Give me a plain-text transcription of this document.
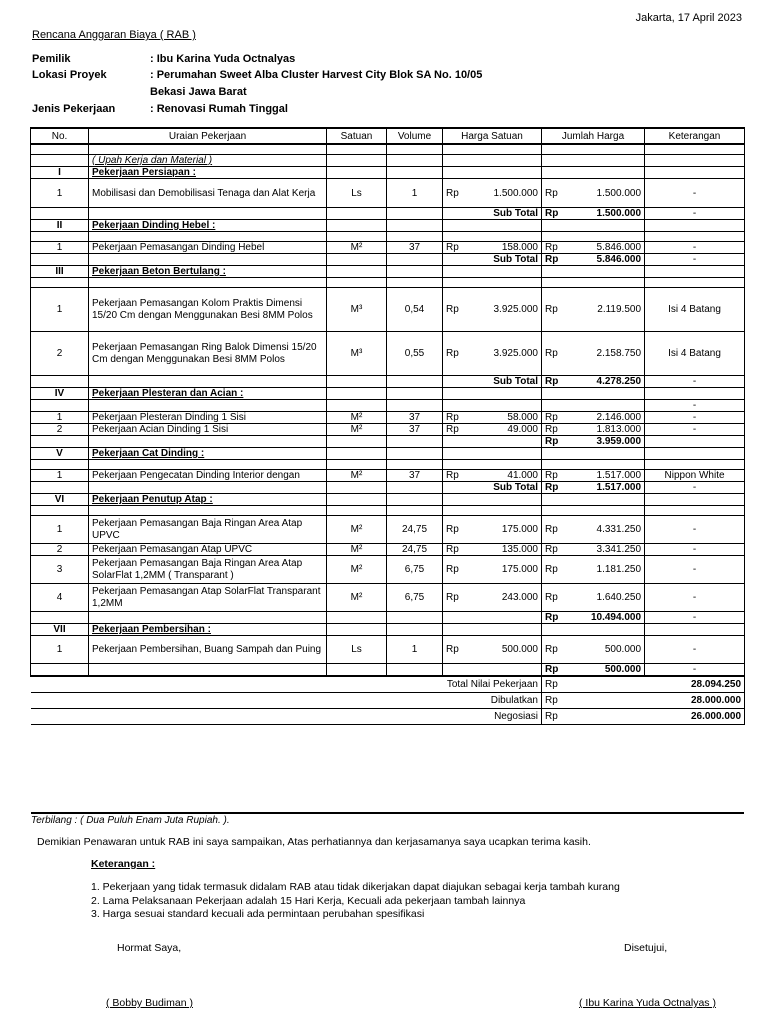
Jakarta, 17 April 2023
Rencana Anggaran Biaya ( RAB )
Pemilik	: Ibu Karina Yuda Octnalyas
Lokasi Proyek	: Perumahan Sweet Alba Cluster Harvest City Blok SA No. 10/05
Bekasi Jawa Barat
Jenis Pekerjaan	: Renovasi Rumah Tinggal
No.	Uraian Pekerjaan	Satuan	Volume	Harga Satuan		Jumlah Harga		Keterangan

	( Upah Kerja dan Material )							
I	Pekerjaan Persiapan :							
1	Mobilisasi dan Demobilisasi Tenaga dan Alat Kerja	Ls	1	Rp	1.500.000	Rp	1.500.000	-
				Sub Total		Rp	1.500.000	-
II	Pekerjaan Dinding Hebel :							

1	Pekerjaan Pemasangan Dinding Hebel	M²	37	Rp	158.000	Rp	5.846.000	-
				Sub Total		Rp	5.846.000	-
III	Pekerjaan Beton Bertulang :							

1	Pekerjaan Pemasangan Kolom Praktis Dimensi 15/20 Cm dengan Menggunakan Besi 8MM Polos	M³	0,54	Rp	3.925.000	Rp	2.119.500	Isi 4 Batang
2	Pekerjaan Pemasangan Ring Balok Dimensi 15/20 Cm dengan Menggunakan Besi 8MM Polos	M³	0,55	Rp	3.925.000	Rp	2.158.750	Isi 4 Batang
				Sub Total		Rp	4.278.250	-
IV	Pekerjaan Plesteran dan Acian :							
								-
1	Pekerjaan Plesteran Dinding 1 Sisi	M²	37	Rp	58.000	Rp	2.146.000	-
2	Pekerjaan Acian Dinding 1 Sisi	M²	37	Rp	49.000	Rp	1.813.000	-
						Rp	3.959.000	
V	Pekerjaan Cat Dinding :							

1	Pekerjaan Pengecatan Dinding Interior dengan	M²	37	Rp	41.000	Rp	1.517.000	Nippon White
				Sub Total		Rp	1.517.000	-
VI	Pekerjaan Penutup Atap :							

1	Pekerjaan Pemasangan Baja Ringan Area Atap UPVC	M²	24,75	Rp	175.000	Rp	4.331.250	-
2	Pekerjaan Pemasangan Atap UPVC	M²	24,75	Rp	135.000	Rp	3.341.250	-
3	Pekerjaan Pemasangan Baja Ringan Area Atap SolarFlat 1,2MM ( Transparant )	M²	6,75	Rp	175.000	Rp	1.181.250	-
4	Pekerjaan Pemasangan Atap SolarFlat Transparant 1,2MM	M²	6,75	Rp	243.000	Rp	1.640.250	-
						Rp	10.494.000	-
VII	Pekerjaan Pembersihan :							
1	Pekerjaan Pembersihan, Buang Sampah dan Puing	Ls	1	Rp	500.000	Rp	500.000	-
						Rp	500.000	-
Total Nilai Pekerjaan						Rp	28.094.250	
Dibulatkan						Rp	28.000.000	
Negosiasi						Rp	26.000.000	
Terbilang : ( Dua Puluh Enam Juta Rupiah. ).
Demikian Penawaran untuk RAB ini saya sampaikan, Atas perhatiannya dan kerjasamanya saya ucapkan terima kasih.
Keterangan :
1. Pekerjaan yang tidak termasuk didalam RAB atau tidak dikerjakan dapat diajukan sebagai kerja tambah kurang
2. Lama Pelaksanaan Pekerjaan adalah 15 Hari Kerja, Kecuali ada pekerjaan tambah lainnya
3. Harga sesuai standard kecuali ada permintaan perubahan spesifikasi
Hormat Saya,	Disetujui,
( Bobby Budiman )	( Ibu Karina Yuda Octnalyas )
